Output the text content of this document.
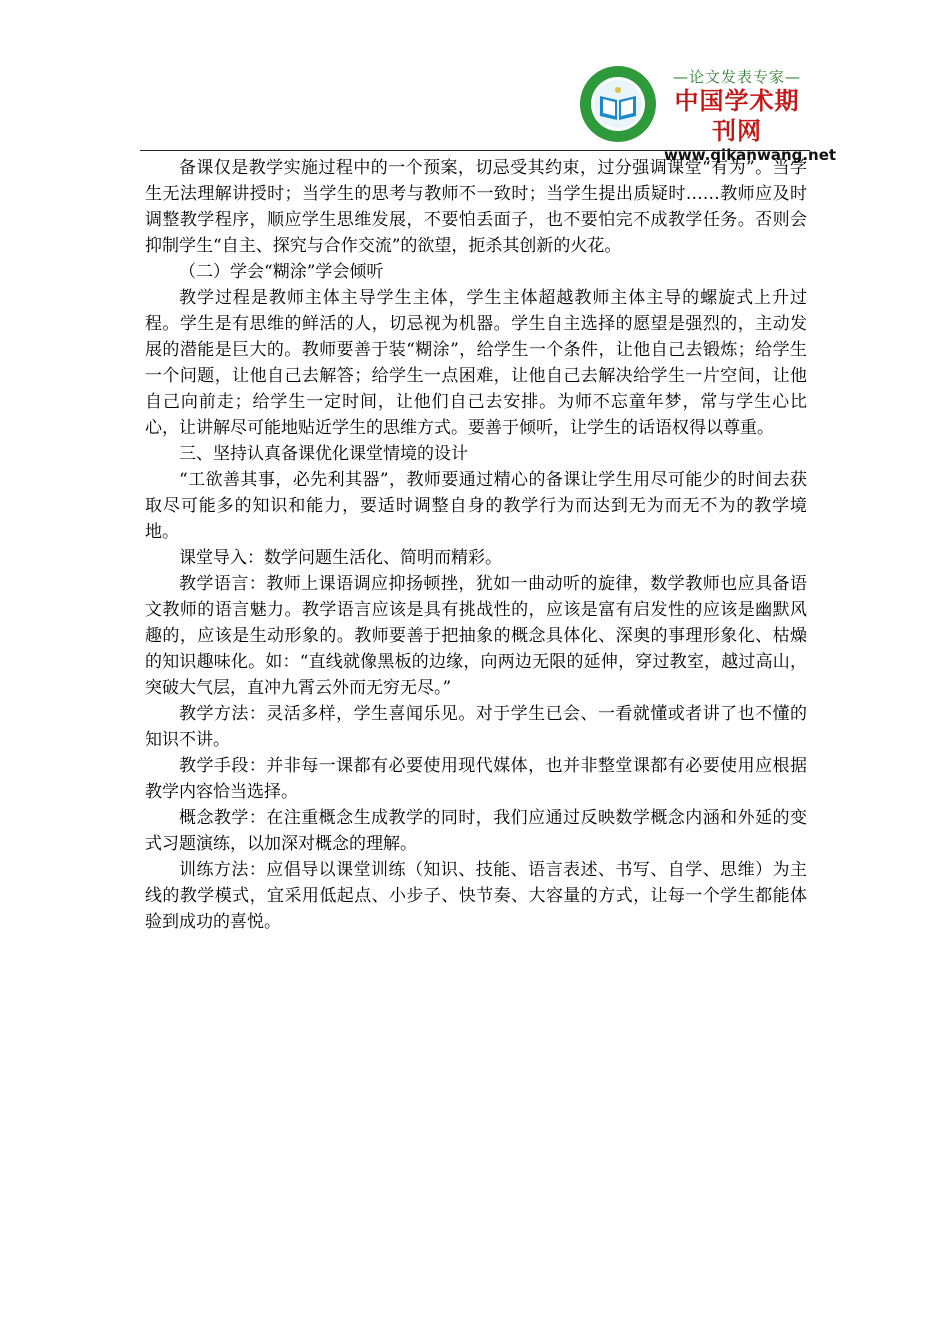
—论文发表专家—
中国学术期刊网
www.qikanwang.net

备课仅是教学实施过程中的一个预案，切忌受其约束，过分强调课堂“有为”。当学生无法理解讲授时；当学生的思考与教师不一致时；当学生提出质疑时……教师应及时调整教学程序，顺应学生思维发展，不要怕丢面子，也不要怕完不成教学任务。否则会抑制学生“自主、探究与合作交流”的欲望，扼杀其创新的火花。

（二）学会“糊涂”学会倾听

教学过程是教师主体主导学生主体，学生主体超越教师主体主导的螺旋式上升过程。学生是有思维的鲜活的人，切忌视为机器。学生自主选择的愿望是强烈的，主动发展的潜能是巨大的。教师要善于装“糊涂”，给学生一个条件，让他自己去锻炼；给学生一个问题，让他自己去解答；给学生一点困难，让他自己去解决给学生一片空间，让他自己向前走；给学生一定时间，让他们自己去安排。为师不忘童年梦，常与学生心比心，让讲解尽可能地贴近学生的思维方式。要善于倾听，让学生的话语权得以尊重。

三、坚持认真备课优化课堂情境的设计

“工欲善其事，必先利其器”，教师要通过精心的备课让学生用尽可能少的时间去获取尽可能多的知识和能力，要适时调整自身的教学行为而达到无为而无不为的教学境地。

课堂导入：数学问题生活化、简明而精彩。

教学语言：教师上课语调应抑扬顿挫，犹如一曲动听的旋律，数学教师也应具备语文教师的语言魅力。教学语言应该是具有挑战性的，应该是富有启发性的应该是幽默风趣的，应该是生动形象的。教师要善于把抽象的概念具体化、深奥的事理形象化、枯燥的知识趣味化。如：“直线就像黑板的边缘，向两边无限的延伸，穿过教室，越过高山，突破大气层，直冲九霄云外而无穷无尽。”

教学方法：灵活多样，学生喜闻乐见。对于学生已会、一看就懂或者讲了也不懂的知识不讲。

教学手段：并非每一课都有必要使用现代媒体，也并非整堂课都有必要使用应根据教学内容恰当选择。

概念教学：在注重概念生成教学的同时，我们应通过反映数学概念内涵和外延的变式习题演练，以加深对概念的理解。

训练方法：应倡导以课堂训练（知识、技能、语言表述、书写、自学、思维）为主线的教学模式，宜采用低起点、小步子、快节奏、大容量的方式，让每一个学生都能体验到成功的喜悦。
